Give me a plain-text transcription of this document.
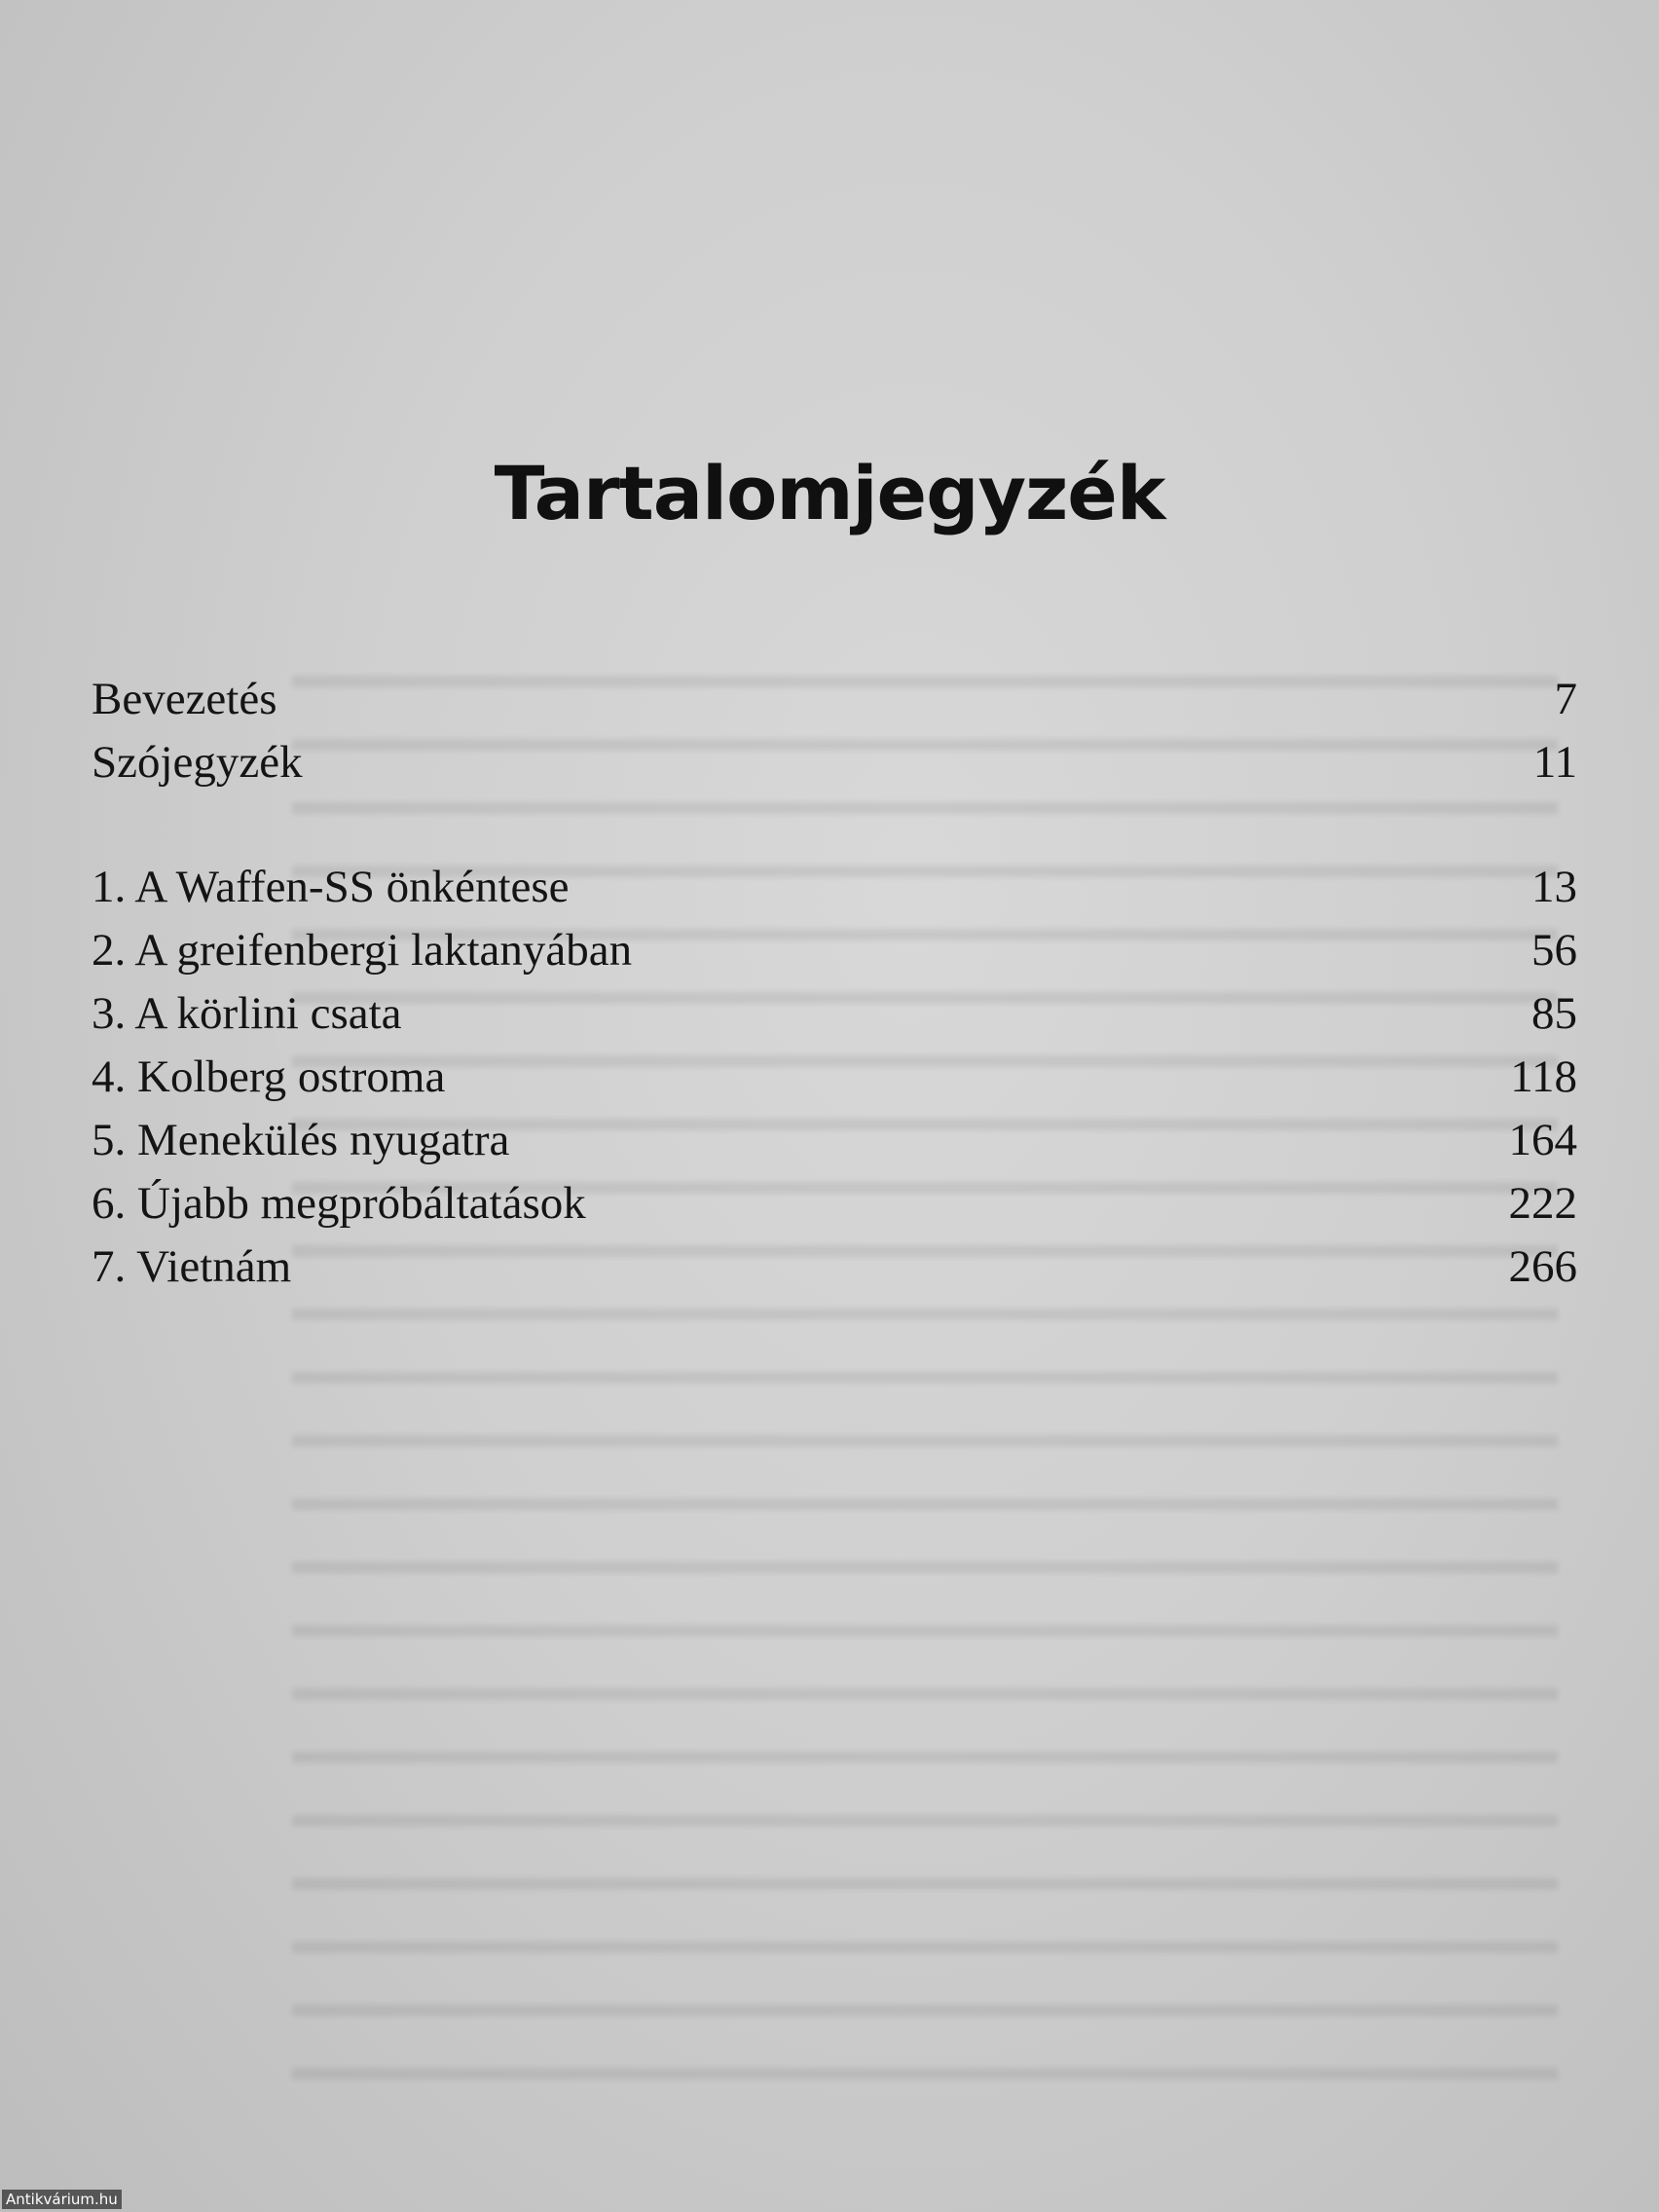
Tartalomjegyzék
Bevezetés	7
Szójegyzék	11
1. A Waffen-SS önkéntese	13
2. A greifenbergi laktanyában	56
3. A körlini csata	85
4. Kolberg ostroma	118
5. Menekülés nyugatra	164
6. Újabb megpróbáltatások	222
7. Vietnám	266
Antikvárium.hu
